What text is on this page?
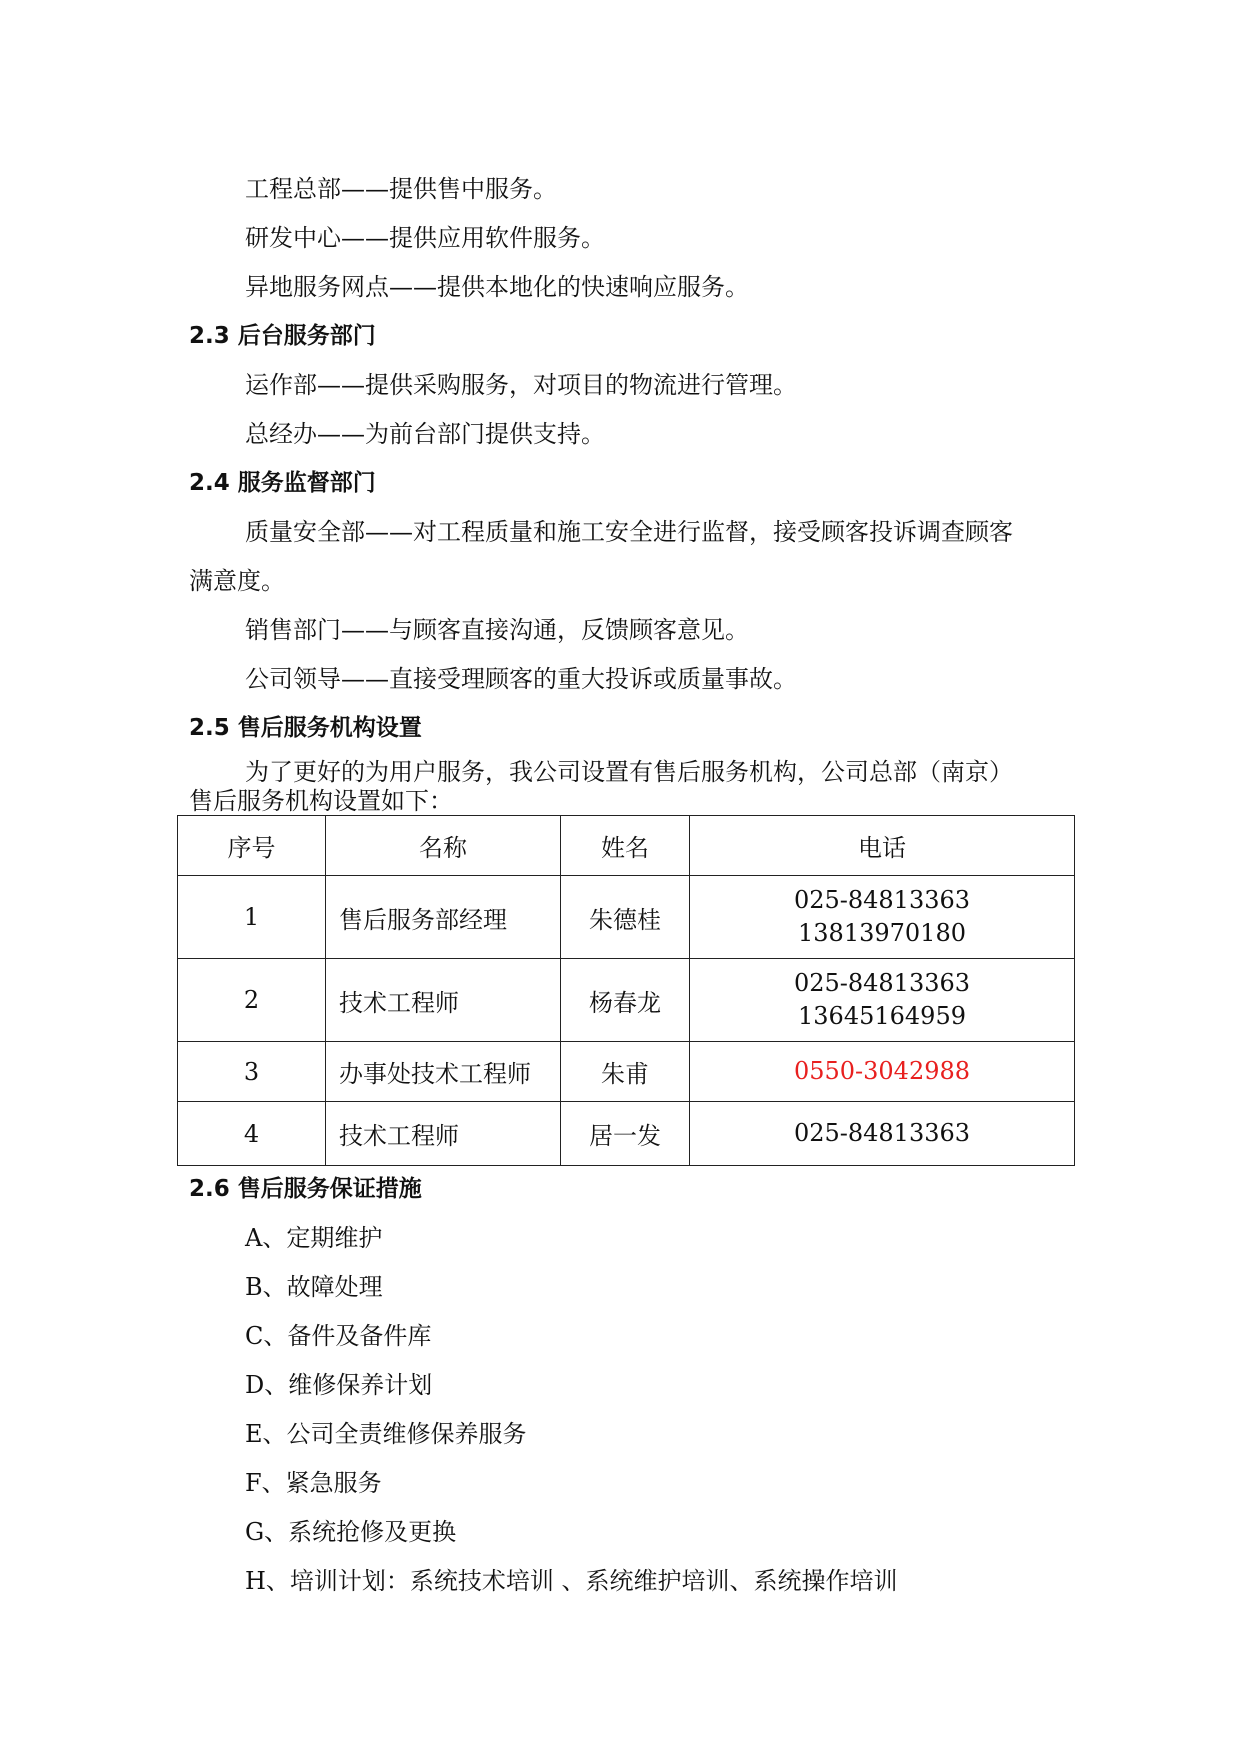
工程总部——提供售中服务。
研发中心——提供应用软件服务。
异地服务网点——提供本地化的快速响应服务。
2.3 后台服务部门
运作部——提供采购服务，对项目的物流进行管理。
总经办——为前台部门提供支持。
2.4 服务监督部门
质量安全部——对工程质量和施工安全进行监督，接受顾客投诉调查顾客
满意度。
销售部门——与顾客直接沟通，反馈顾客意见。
公司领导——直接受理顾客的重大投诉或质量事故。
2.5 售后服务机构设置
为了更好的为用户服务，我公司设置有售后服务机构，公司总部（南京）
售后服务机构设置如下：
序号	名称	姓名	电话
1	售后服务部经理	朱德桂	025-84813363
13813970180

2	技术工程师	杨春龙	025-84813363
13645164959

3	办事处技术工程师	朱甫	0550-3042988

4	技术工程师	居一发	025-84813363
2.6 售后服务保证措施
A、定期维护
B、故障处理
C、备件及备件库
D、维修保养计划
E、公司全责维修保养服务
F、紧急服务
G、系统抢修及更换
H、培训计划：系统技术培训 、系统维护培训、系统操作培训
